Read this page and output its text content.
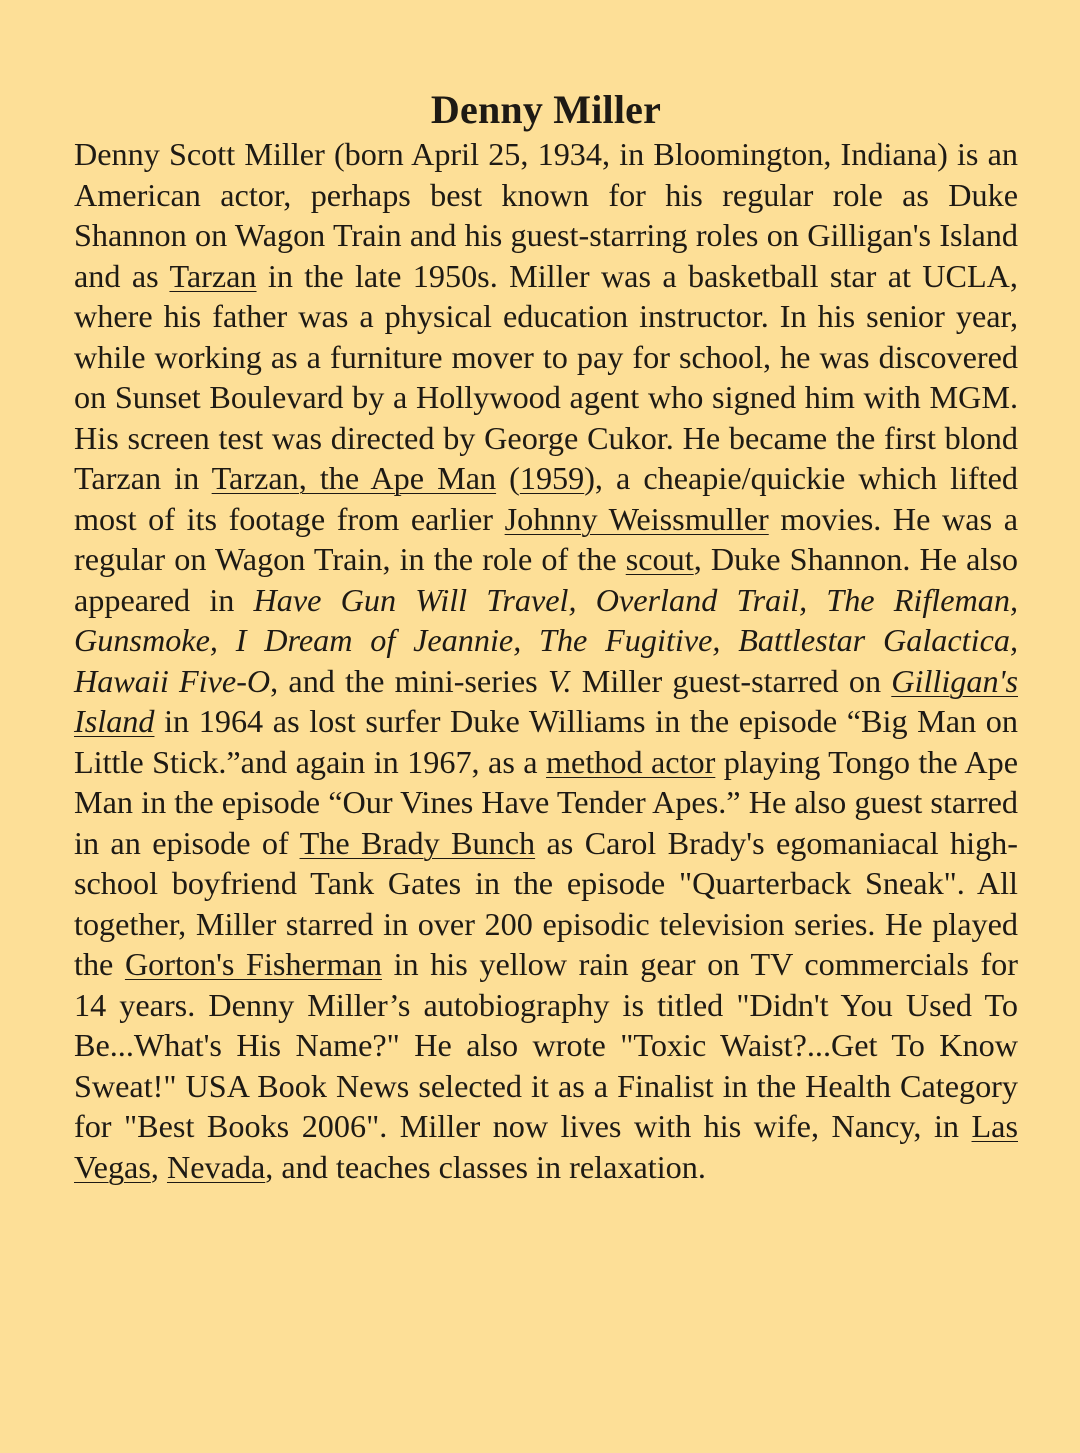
Denny Miller

Denny Scott Miller (born April 25, 1934, in Bloomington, Indiana) is an American actor, perhaps best known for his regular role as Duke Shannon on Wagon Train and his guest-starring roles on Gilligan's Island and as Tarzan in the late 1950s. Miller was a basketball star at UCLA, where his father was a physical education instructor. In his senior year, while working as a furniture mover to pay for school, he was discovered on Sunset Boulevard by a Hollywood agent who signed him with MGM. His screen test was directed by George Cukor. He became the first blond Tarzan in Tarzan, the Ape Man (1959), a cheapie/quickie which lifted most of its footage from earlier Johnny Weissmuller movies. He was a regular on Wagon Train, in the role of the scout, Duke Shannon. He also appeared in Have Gun Will Travel, Overland Trail, The Rifleman, Gunsmoke, I Dream of Jeannie, The Fugitive, Battlestar Galactica, Hawaii Five-O, and the mini-series V. Miller guest-starred on Gilligan's Island in 1964 as lost surfer Duke Williams in the episode “Big Man on Little Stick.”and again in 1967, as a method actor playing Tongo the Ape Man in the episode “Our Vines Have Tender Apes.” He also guest starred in an episode of The Brady Bunch as Carol Brady's egomaniacal high-school boyfriend Tank Gates in the episode "Quarterback Sneak". All together, Miller starred in over 200 episodic television series. He played the Gorton's Fisherman in his yellow rain gear on TV commercials for 14 years. Denny Miller’s autobiography is titled "Didn't You Used To Be...What's His Name?" He also wrote "Toxic Waist?...Get To Know Sweat!" USA Book News selected it as a Finalist in the Health Category for "Best Books 2006". Miller now lives with his wife, Nancy, in Las Vegas, Nevada, and teaches classes in relaxation.
